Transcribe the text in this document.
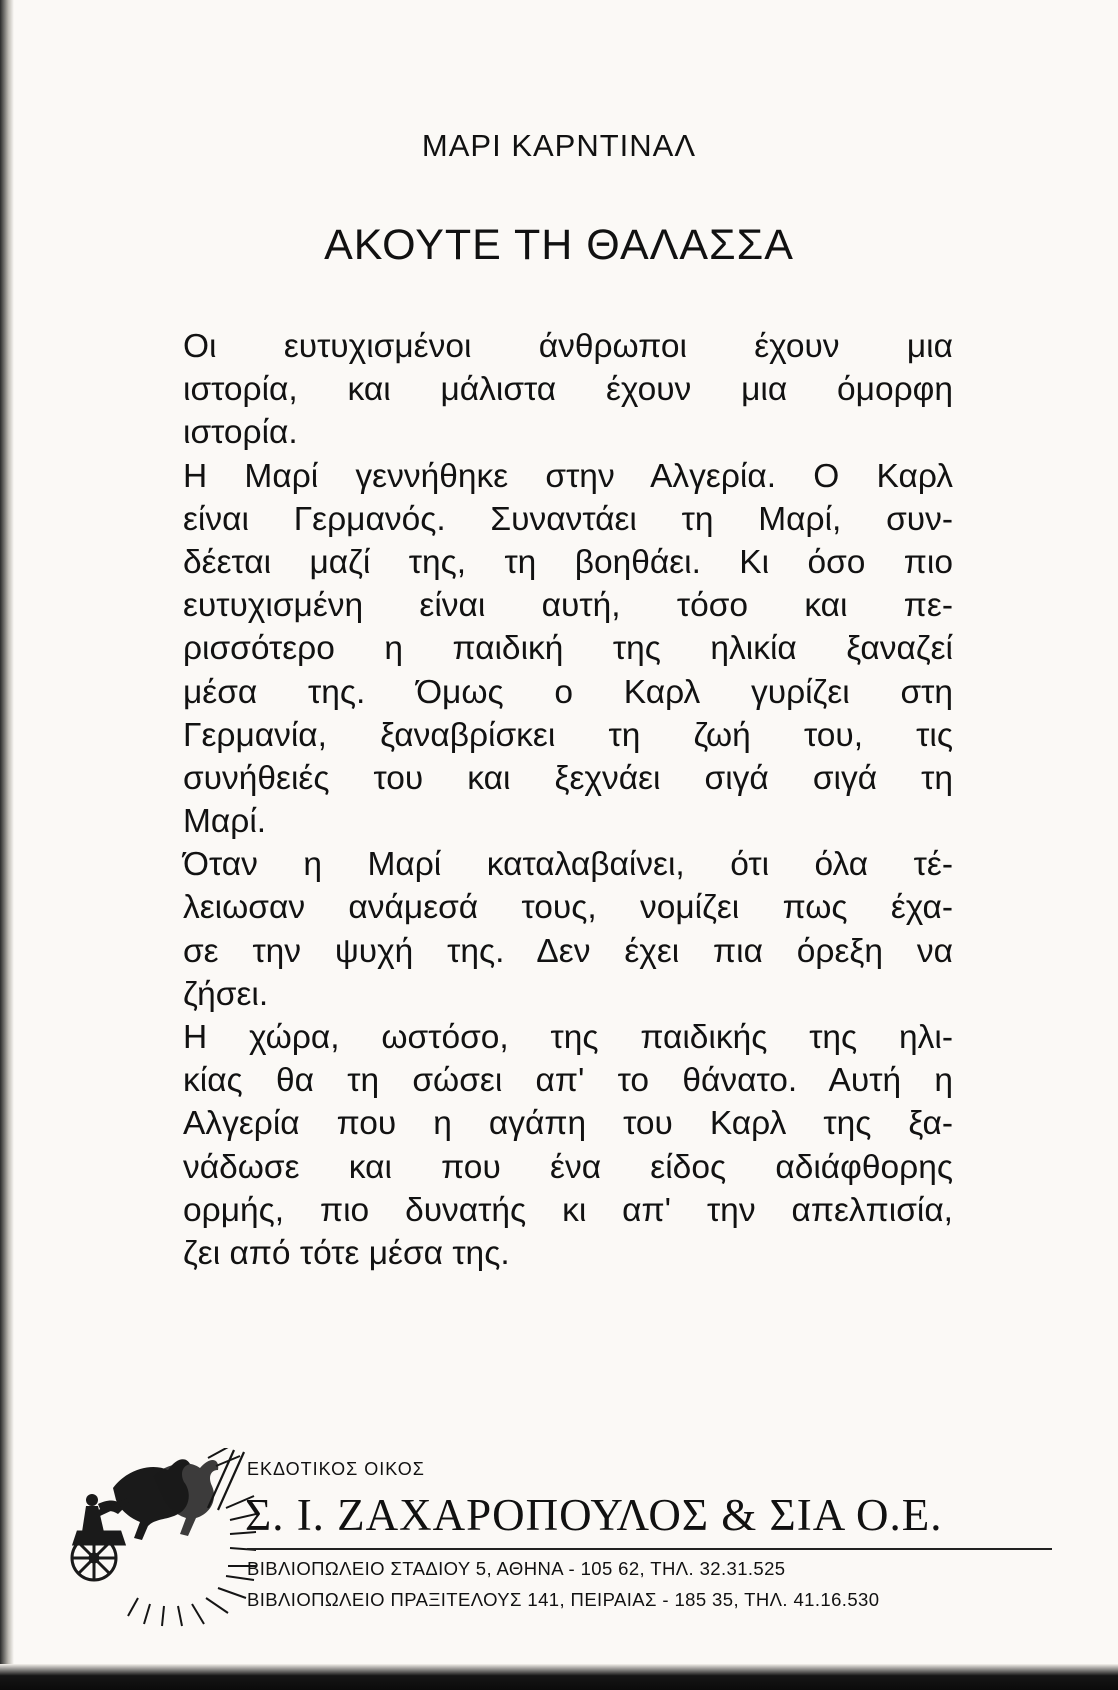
ΜΑΡΙ ΚΑΡΝΤΙΝΑΛ
ΑΚΟΥΤΕ ΤΗ ΘΑΛΑΣΣΑ
Οι ευτυχισμένοι άνθρωποι έχουν μια
ιστορία, και μάλιστα έχουν μια όμορφη
ιστορία.
Η Μαρί γεννήθηκε στην Αλγερία. Ο Καρλ
είναι Γερμανός. Συναντάει τη Μαρί, συν-
δέεται μαζί της, τη βοηθάει. Κι όσο πιο
ευτυχισμένη είναι αυτή, τόσο και πε-
ρισσότερο η παιδική της ηλικία ξαναζεί
μέσα της. Όμως ο Καρλ γυρίζει στη
Γερμανία, ξαναβρίσκει τη ζωή του, τις
συνήθειές του και ξεχνάει σιγά σιγά τη
Μαρί.
Όταν η Μαρί καταλαβαίνει, ότι όλα τέ-
λειωσαν ανάμεσά τους, νομίζει πως έχα-
σε την ψυχή της. Δεν έχει πια όρεξη να
ζήσει.
Η χώρα, ωστόσο, της παιδικής της ηλι-
κίας θα τη σώσει απ' το θάνατο. Αυτή η
Αλγερία που η αγάπη του Καρλ της ξα-
νάδωσε και που ένα είδος αδιάφθορης
ορμής, πιο δυνατής κι απ' την απελπισία,
ζει από τότε μέσα της.
ΕΚΔΟΤΙΚΟΣ ΟΙΚΟΣ
Σ. Ι. ΖΑΧΑΡΟΠΟΥΛΟΣ & ΣΙΑ Ο.Ε.
ΒΙΒΛΙΟΠΩΛΕΙΟ ΣΤΑΔΙΟΥ 5, ΑΘΗΝΑ - 105 62, ΤΗΛ. 32.31.525
ΒΙΒΛΙΟΠΩΛΕΙΟ ΠΡΑΞΙΤΕΛΟΥΣ 141, ΠΕΙΡΑΙΑΣ - 185 35, ΤΗΛ. 41.16.530
